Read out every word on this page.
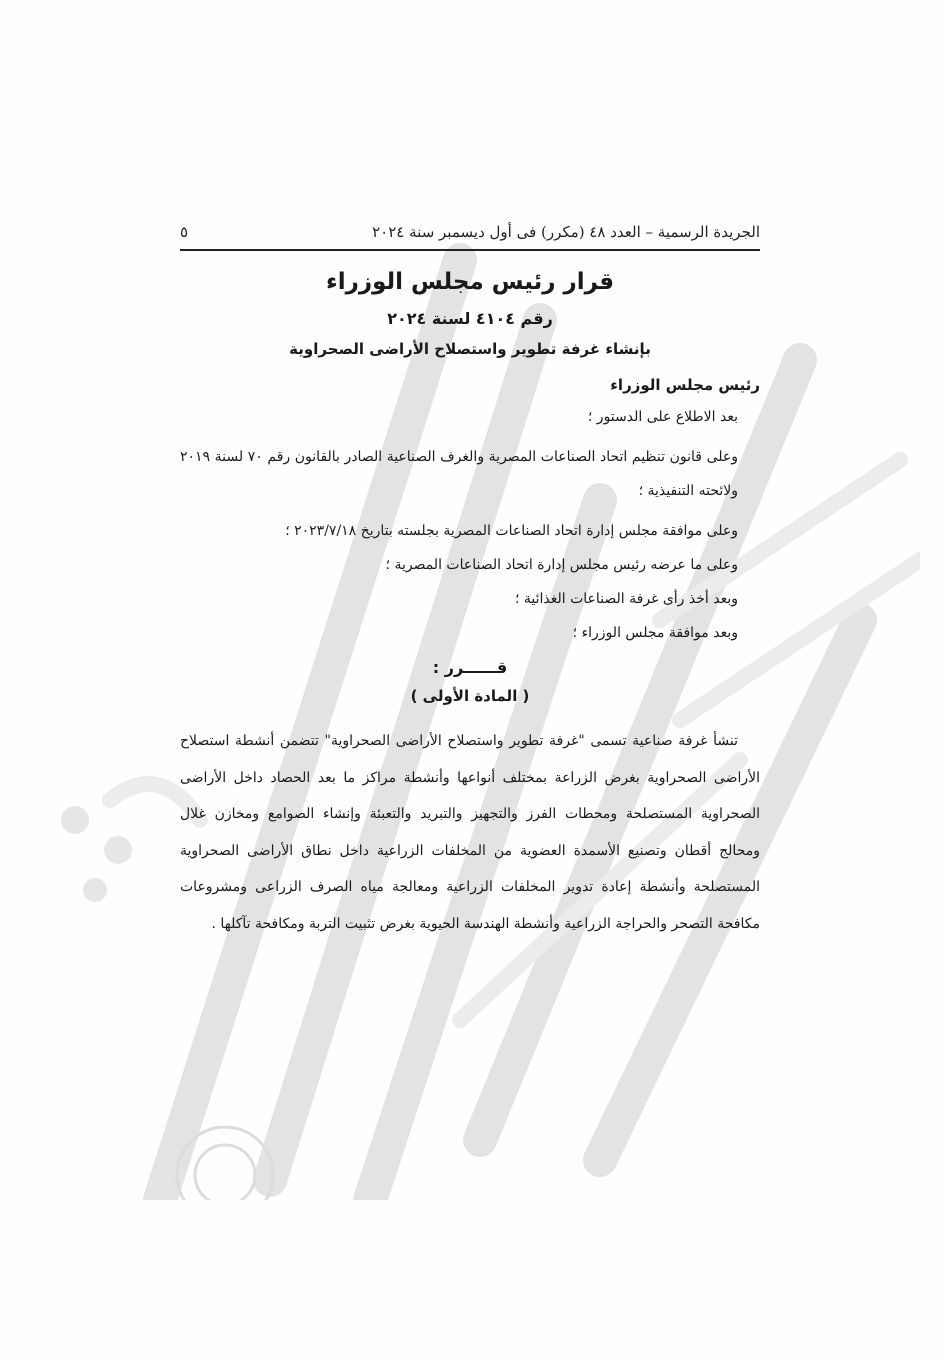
الجريدة الرسمية – العدد ٤٨ (مكرر) فى أول ديسمبر سنة ٢٠٢٤
٥
قرار رئيس مجلس الوزراء
رقم ٤١٠٤ لسنة ٢٠٢٤
بإنشاء غرفة تطوير واستصلاح الأراضى الصحراوية
رئيس مجلس الوزراء

بعد الاطلاع على الدستور ؛

وعلى قانون تنظيم اتحاد الصناعات المصرية والغرف الصناعية الصادر بالقانون رقم ٧٠ لسنة ٢٠١٩ ولائحته التنفيذية ؛

وعلى موافقة مجلس إدارة اتحاد الصناعات المصرية بجلسته بتاريخ ٢٠٢٣/٧/١٨ ؛

وعلى ما عرضه رئيس مجلس إدارة اتحاد الصناعات المصرية ؛

وبعد أخذ رأى غرفة الصناعات الغذائية ؛

وبعد موافقة مجلس الوزراء ؛

قــــــرر :
( المادة الأولى )

تنشأ غرفة صناعية تسمى "غرفة تطوير واستصلاح الأراضى الصحراوية" تتضمن أنشطة استصلاح الأراضى الصحراوية بغرض الزراعة بمختلف أنواعها وأنشطة مراكز ما بعد الحصاد داخل الأراضى الصحراوية المستصلحة ومحطات الفرز والتجهيز والتبريد والتعبئة وإنشاء الصوامع ومخازن غلال ومحالج أقطان وتصنيع الأسمدة العضوية من المخلفات الزراعية داخل نطاق الأراضى الصحراوية المستصلحة وأنشطة إعادة تدوير المخلفات الزراعية ومعالجة مياه الصرف الزراعى ومشروعات مكافحة التصحر والحراجة الزراعية وأنشطة الهندسة الحيوية بغرض تثبيت التربة ومكافحة تآكلها .
